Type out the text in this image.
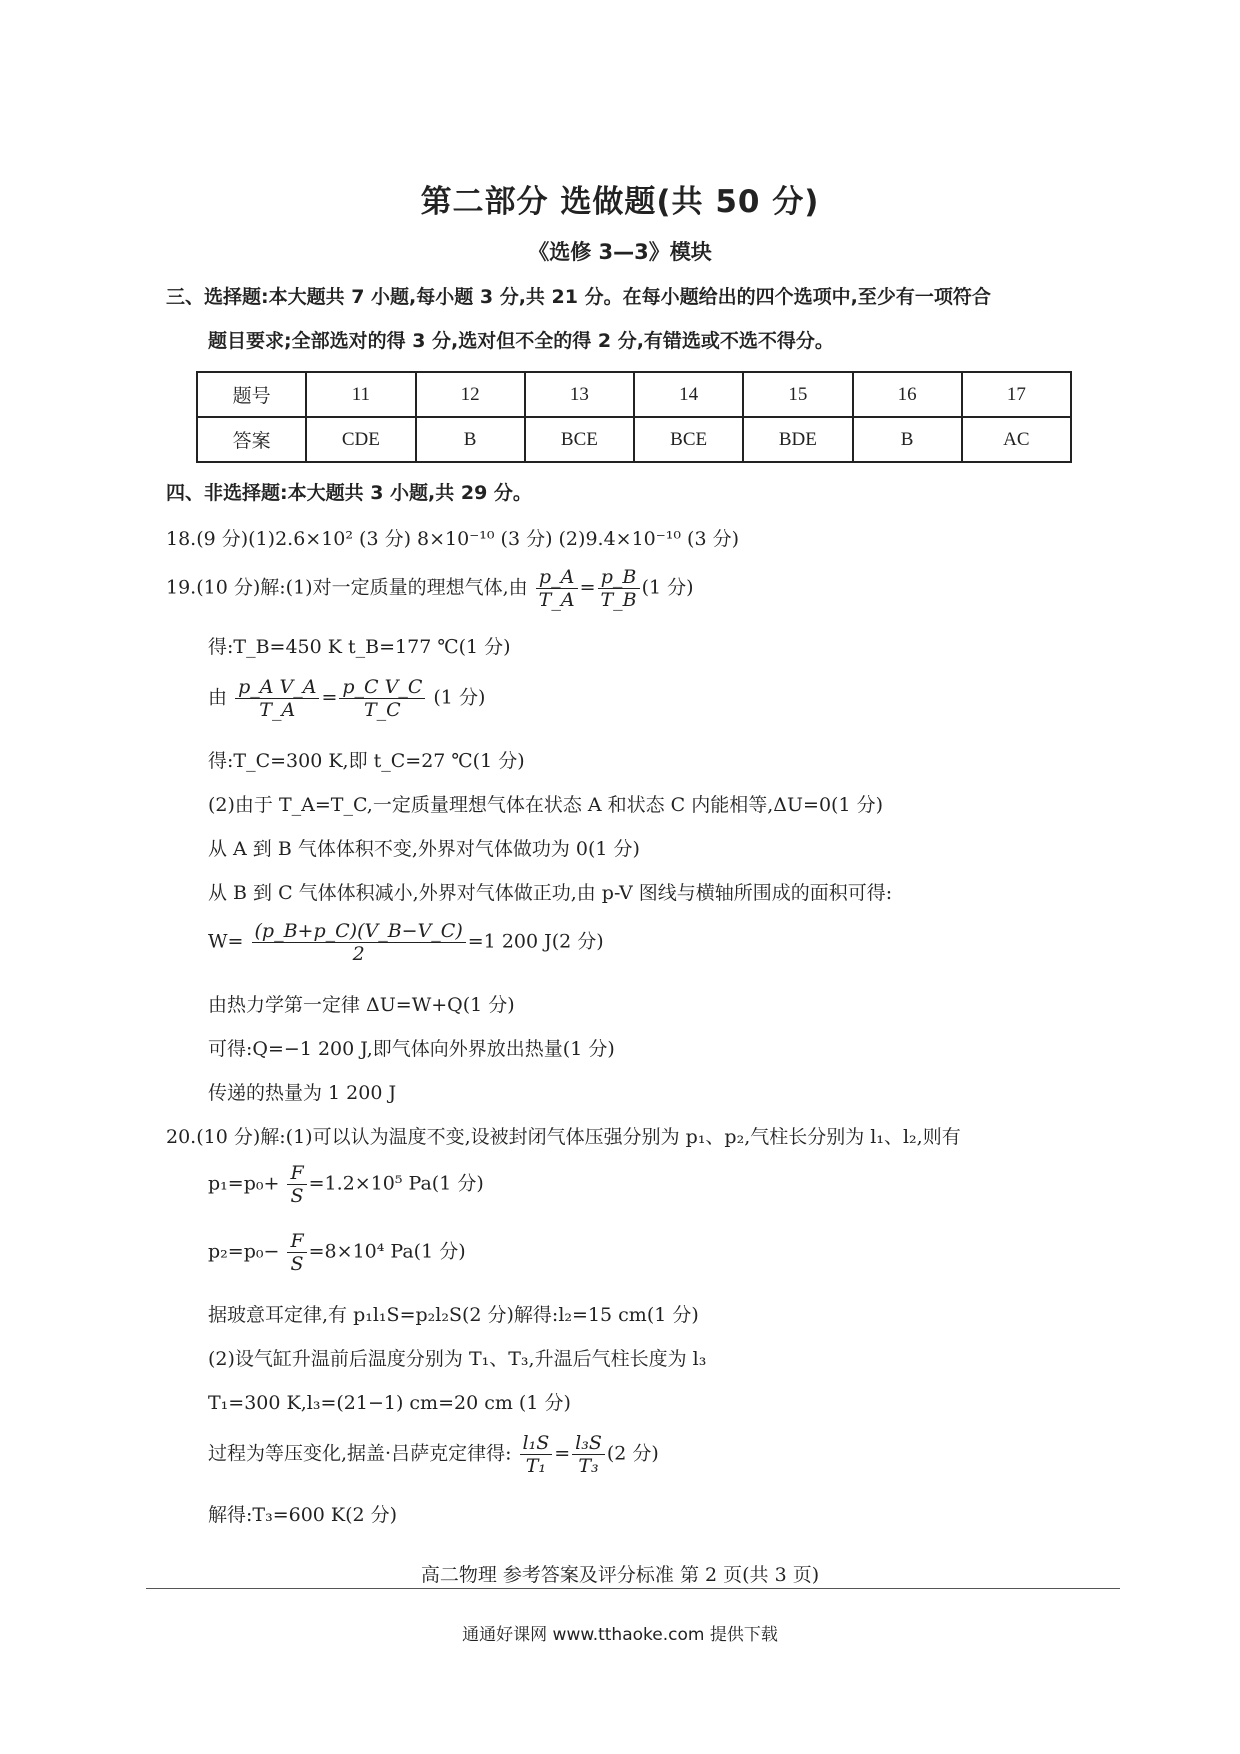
第二部分 选做题(共 50 分)
《选修 3—3》模块
三、选择题:本大题共 7 小题,每小题 3 分,共 21 分。在每小题给出的四个选项中,至少有一项符合
题目要求;全部选对的得 3 分,选对但不全的得 2 分,有错选或不选不得分。
题号	11	12	13	14	15	16	17
答案	CDE	B	BCE	BCE	BDE	B	AC
四、非选择题:本大题共 3 小题,共 29 分。
18.(9 分)(1)2.6×10² (3 分) 8×10⁻¹⁰ (3 分) (2)9.4×10⁻¹⁰ (3 分)
19.(10 分)解:(1)对一定质量的理想气体,由 $\frac{p\_A}{T\_A} = \frac{p\_B}{T\_B} (1$ 分)
得:T_B=450 K t_B=177 ℃(1 分)
由 $\frac{\text{p\_A V\_A}}{T\_A} = \frac{\text{p\_C V\_C}}{T\_C} (1$ 分)
得:T_C=300 K,即 t_C=27 ℃(1 分)
(2)由于 T_A=T_C,一定质量理想气体在状态 A 和状态 C 内能相等,ΔU=0(1 分)
从 A 到 B 气体体积不变,外界对气体做功为 0(1 分)
从 B 到 C 气体体积减小,外界对气体做正功,由 p-V 图线与横轴所围成的面积可得:
$W= \frac{(p\_B+p\_C)(V\_B-V\_C)}{2} =1$ 200 J(2 分)
由热力学第一定律 ΔU=W+Q(1 分)
可得:Q=−1 200 J,即气体向外界放出热量(1 分)
传递的热量为 1 200 J
20.(10 分)解:(1)可以认为温度不变,设被封闭气体压强分别为 p₁、p₂,气柱长分别为 l₁、l₂,则有
$p_1=p_0+ \frac{F}{S} =1.2\times 10^5$ Pa(1 分)
$p_2=p_0- \frac{F}{S} =8\times 10^4$ Pa(1 分)
据玻意耳定律,有 p₁l₁S=p₂l₂S(2 分)解得:l₂=15 cm(1 分)
(2)设气缸升温前后温度分别为 T₁、T₃,升温后气柱长度为 l₃
T₁=300 K,l₃=(21−1) cm=20 cm (1 分)
过程为等压变化,据盖·吕萨克定律得: $\frac{\text{l₁S}}{\text{T₁}} = \frac{\text{l₃S}}{\text{T₃}} (2$ 分)
解得:T₃=600 K(2 分)
高二物理 参考答案及评分标准 第 2 页(共 3 页)
通通好课网 www.tthaoke.com 提供下载
